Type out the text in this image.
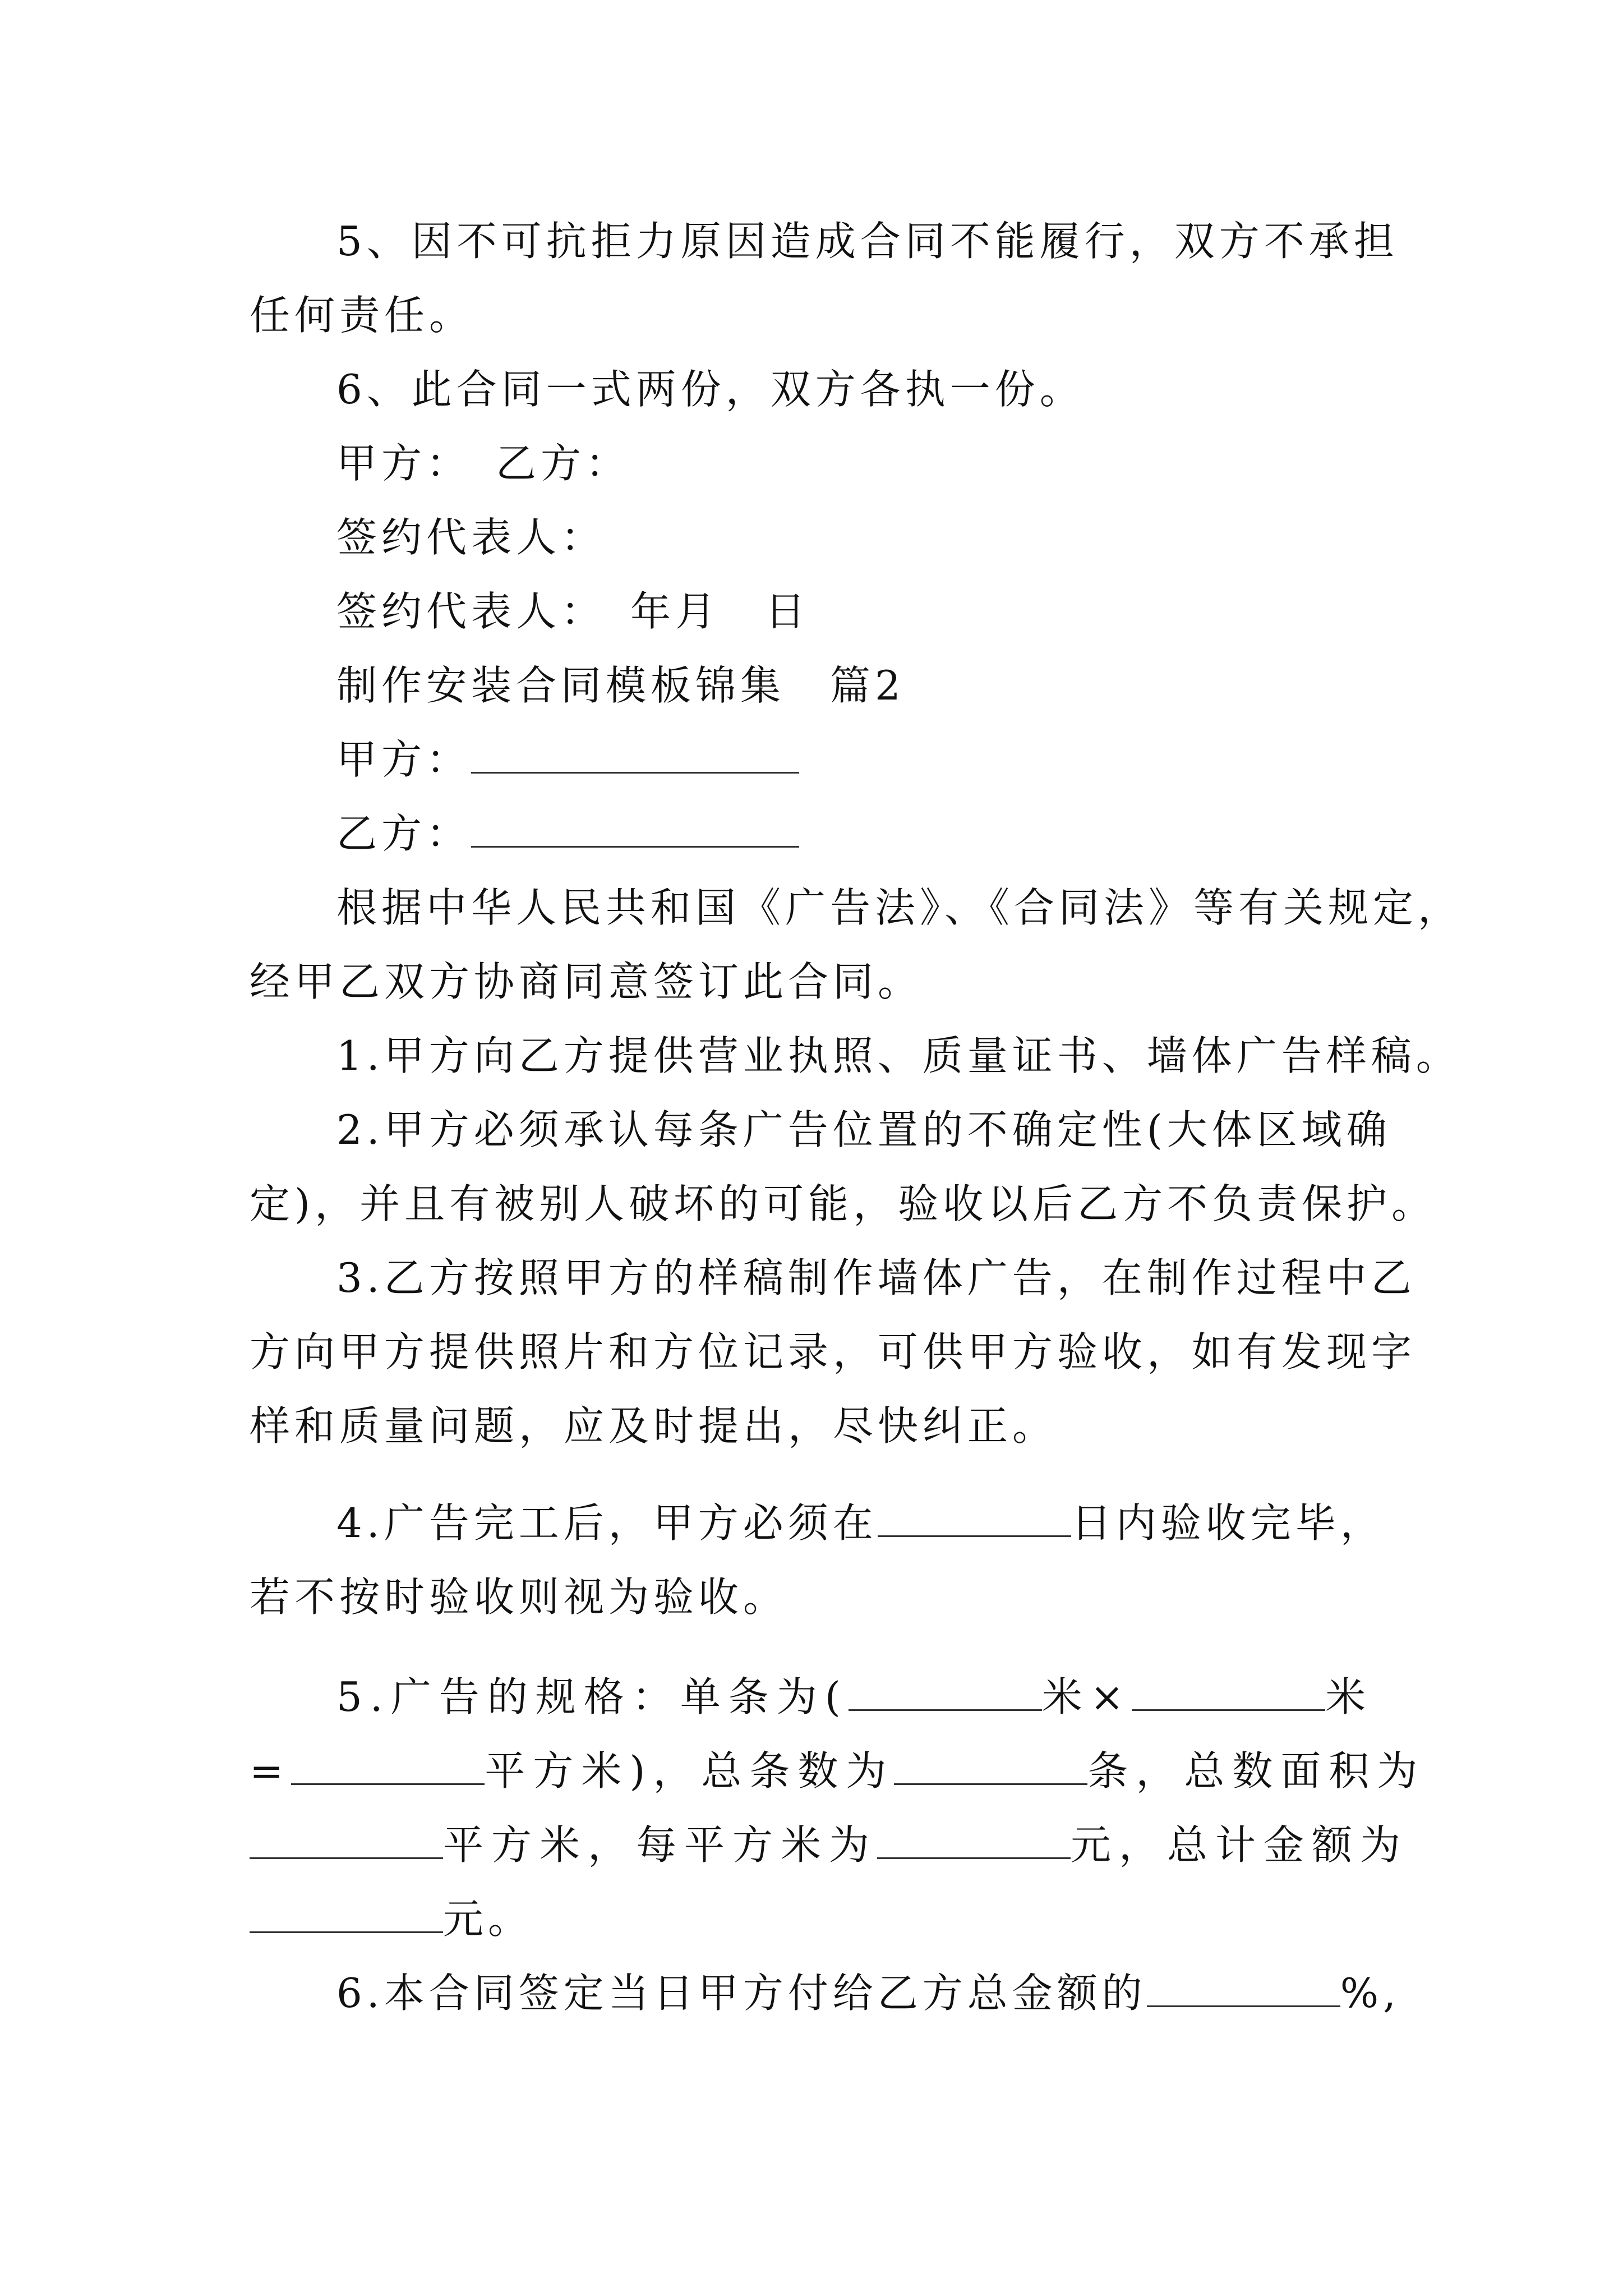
5、因不可抗拒力原因造成合同不能履行，双方不承担
任何责任。
6、此合同一式两份，双方各执一份。
甲方：　乙方：
签约代表人：
签约代表人：　年月　日
制作安装合同模板锦集　篇2
甲方：
乙方：
根据中华人民共和国《广告法》、《合同法》等有关规定，
经甲乙双方协商同意签订此合同。
1.甲方向乙方提供营业执照、质量证书、墙体广告样稿。
2.甲方必须承认每条广告位置的不确定性(大体区域确
定)，并且有被别人破坏的可能，验收以后乙方不负责保护。
3.乙方按照甲方的样稿制作墙体广告，在制作过程中乙
方向甲方提供照片和方位记录，可供甲方验收，如有发现字
样和质量问题，应及时提出，尽快纠正。
4.广告完工后，甲方必须在	日内验收完毕，
若不按时验收则视为验收。
5.广告的规格：单条为(	米×	米
=	平方米)，总条数为	条，总数面积为
平方米，每平方米为	元，总计金额为
元。
6.本合同签定当日甲方付给乙方总金额的	%,
